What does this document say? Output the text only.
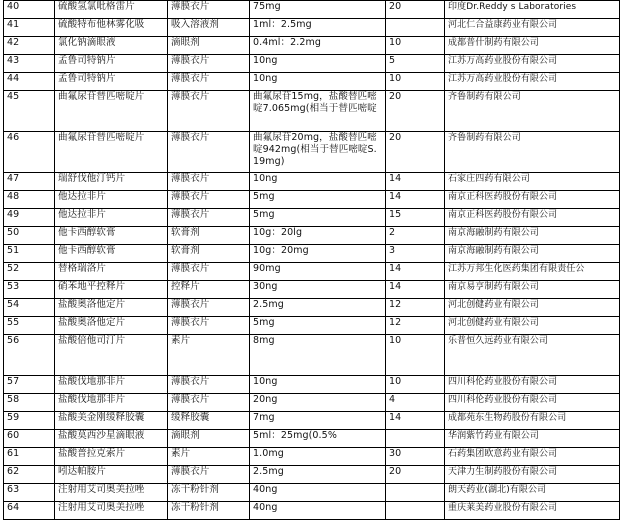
40	硫酸氢氯吡格雷片	薄膜衣片	75mg	20	印度Dr.Reddy s Laboratories
41	硫酸特布他林雾化吸	吸入溶液剂	1ml：2.5mg		河北仁合益康药业有限公司
42	氯化钠滴眼液	滴眼剂	0.4ml：2.2mg	10	成都普什制药有限公司
43	孟鲁司特钠片	薄膜衣片	10ng	5	江苏万高药业股份有限公司
44	孟鲁司特钠片	薄膜衣片	10ng	10	江苏万高药业股份有限公司
45	曲氟尿苷替匹嘧啶片	薄膜衣片	曲氟尿苷15mg，盐酸替匹嘧啶7.065mg(相当于替匹嘧啶	20	齐鲁制药有限公司
46	曲氟尿苷替匹嘧啶片	薄膜衣片	曲氟尿苷20mg，盐酸替匹嘧啶942mg(相当于替匹嘧啶S.19mg)	20	齐鲁制药有限公司
47	瑞舒伐他汀钙片	薄膜衣片	10ng	14	石家庄四药有限公司
48	他达拉非片	薄膜衣片	5mg	14	南京正科医药股份有限公司
49	他达拉非片	薄膜衣片	5mg	15	南京正科医药股份有限公司
50	他卡西醇软膏	软膏剂	10g：20lg	2	南京海融制药有限公司
51	他卡西醇软膏	软膏剂	10g：20mg	3	南京海融制药有限公司
52	替格瑞洛片	薄膜衣片	90mg	14	江苏万邦生化医药集团有限责任公
53	硝苯地平控释片	控释片	30ng	14	南京易亨制药有限公司
54	盐酸奥洛他定片	薄膜衣片	2.5mg	12	河北创健药业有限公司
55	盐酸奥洛他定片	薄膜衣片	5mg	12	河北创健药业有限公司
56	盐酸倍他司汀片	素片	8mg	10	乐普恒久远药业有限公司
57	盐酸伐地那非片	薄膜衣片	10ng	10	四川科伦药业股份有限公司
58	盐酸伐地那非片	薄膜衣片	20ng	4	四川科伦药业股份有限公司
59	盐酸美金刚缓释胶囊	缓释胶囊	7mg	14	成都苑东生物药股份有限公司
60	盐酸莫西沙星滴眼液	滴眼剂	5ml：25mg(0.5%		华润紫竹药业有限公司
61	盐酸普拉克索片	素片	1.0mg	30	石药集团欧意药业有限公司
62	吲达帕胺片	薄膜衣片	2.5mg	20	天津力生制药股份有限公司
63	注射用艾司奥美拉唑	冻干粉针剂	40ng		朗天药业(湖北)有限公司
64	注射用艾司奥美拉唑	冻干粉针剂	40ng		重庆莱美药业股份有限公司
